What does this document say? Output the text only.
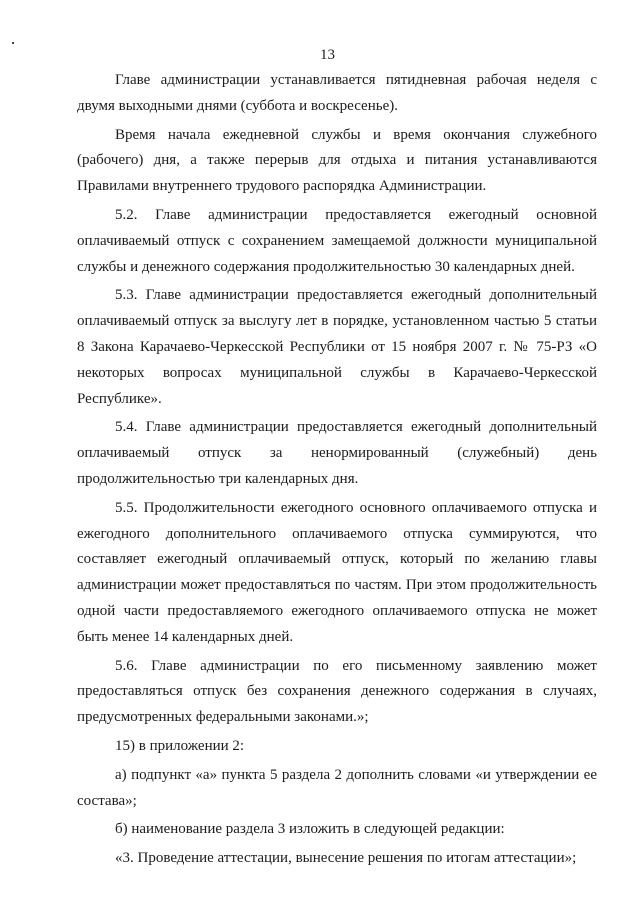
13

Главе администрации устанавливается пятидневная рабочая неделя с двумя выходными днями (суббота и воскресенье).

Время начала ежедневной службы и время окончания служебного (рабочего) дня, а также перерыв для отдыха и питания устанавливаются Правилами внутреннего трудового распорядка Администрации.

5.2. Главе администрации предоставляется ежегодный основной оплачиваемый отпуск с сохранением замещаемой должности муниципальной службы и денежного содержания продолжительностью 30 календарных дней.

5.3. Главе администрации предоставляется ежегодный дополнительный оплачиваемый отпуск за выслугу лет в порядке, установленном частью 5 статьи 8 Закона Карачаево-Черкесской Республики от 15 ноября 2007 г. № 75-РЗ «О некоторых вопросах муниципальной службы в Карачаево-Черкесской Республике».

5.4. Главе администрации предоставляется ежегодный дополнительный оплачиваемый отпуск за ненормированный (служебный) день продолжительностью три календарных дня.

5.5. Продолжительности ежегодного основного оплачиваемого отпуска и ежегодного дополнительного оплачиваемого отпуска суммируются, что составляет ежегодный оплачиваемый отпуск, который по желанию главы администрации может предоставляться по частям. При этом продолжительность одной части предоставляемого ежегодного оплачиваемого отпуска не может быть менее 14 календарных дней.

5.6. Главе администрации по его письменному заявлению может предоставляться отпуск без сохранения денежного содержания в случаях, предусмотренных федеральными законами.»;

15) в приложении 2:

а) подпункт «а» пункта 5 раздела 2 дополнить словами «и утверждении ее состава»;

б) наименование раздела 3 изложить в следующей редакции:

«3. Проведение аттестации, вынесение решения по итогам аттестации»;
